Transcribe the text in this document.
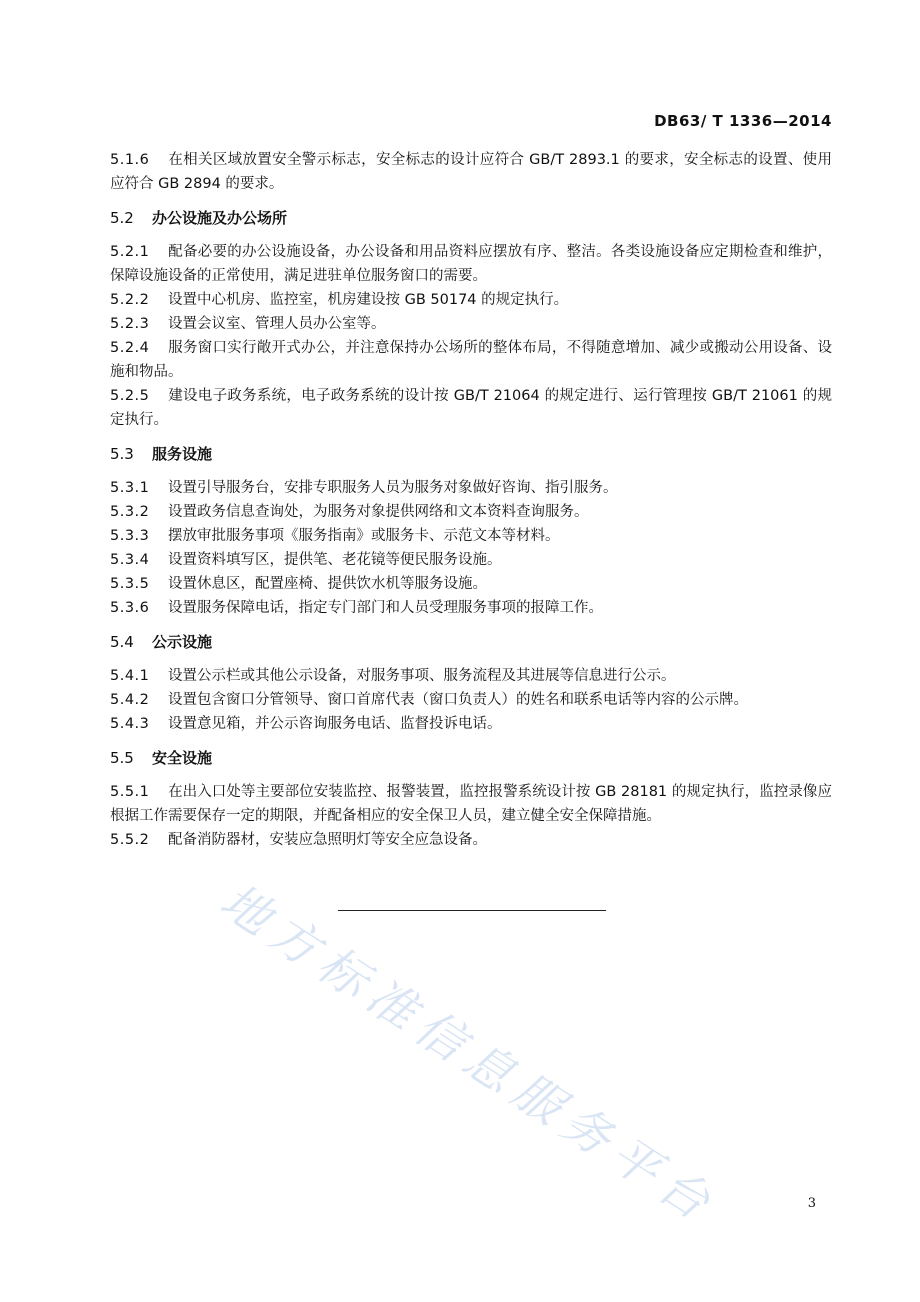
DB63/ T 1336—2014

5.1.6 在相关区域放置安全警示标志，安全标志的设计应符合 GB/T 2893.1 的要求，安全标志的设置、使用应符合 GB 2894 的要求。

5.2 办公设施及办公场所

5.2.1 配备必要的办公设施设备，办公设备和用品资料应摆放有序、整洁。各类设施设备应定期检查和维护，保障设施设备的正常使用，满足进驻单位服务窗口的需要。

5.2.2 设置中心机房、监控室，机房建设按 GB 50174 的规定执行。

5.2.3 设置会议室、管理人员办公室等。

5.2.4 服务窗口实行敞开式办公，并注意保持办公场所的整体布局，不得随意增加、减少或搬动公用设备、设施和物品。

5.2.5 建设电子政务系统，电子政务系统的设计按 GB/T 21064 的规定进行、运行管理按 GB/T 21061 的规定执行。

5.3 服务设施

5.3.1 设置引导服务台，安排专职服务人员为服务对象做好咨询、指引服务。

5.3.2 设置政务信息查询处，为服务对象提供网络和文本资料查询服务。

5.3.3 摆放审批服务事项《服务指南》或服务卡、示范文本等材料。

5.3.4 设置资料填写区，提供笔、老花镜等便民服务设施。

5.3.5 设置休息区，配置座椅、提供饮水机等服务设施。

5.3.6 设置服务保障电话，指定专门部门和人员受理服务事项的报障工作。

5.4 公示设施

5.4.1 设置公示栏或其他公示设备，对服务事项、服务流程及其进展等信息进行公示。

5.4.2 设置包含窗口分管领导、窗口首席代表（窗口负责人）的姓名和联系电话等内容的公示牌。

5.4.3 设置意见箱，并公示咨询服务电话、监督投诉电话。

5.5 安全设施

5.5.1 在出入口处等主要部位安装监控、报警装置，监控报警系统设计按 GB 28181 的规定执行，监控录像应根据工作需要保存一定的期限，并配备相应的安全保卫人员，建立健全安全保障措施。

5.5.2 配备消防器材，安装应急照明灯等安全应急设备。

地方标准信息服务平台	3
